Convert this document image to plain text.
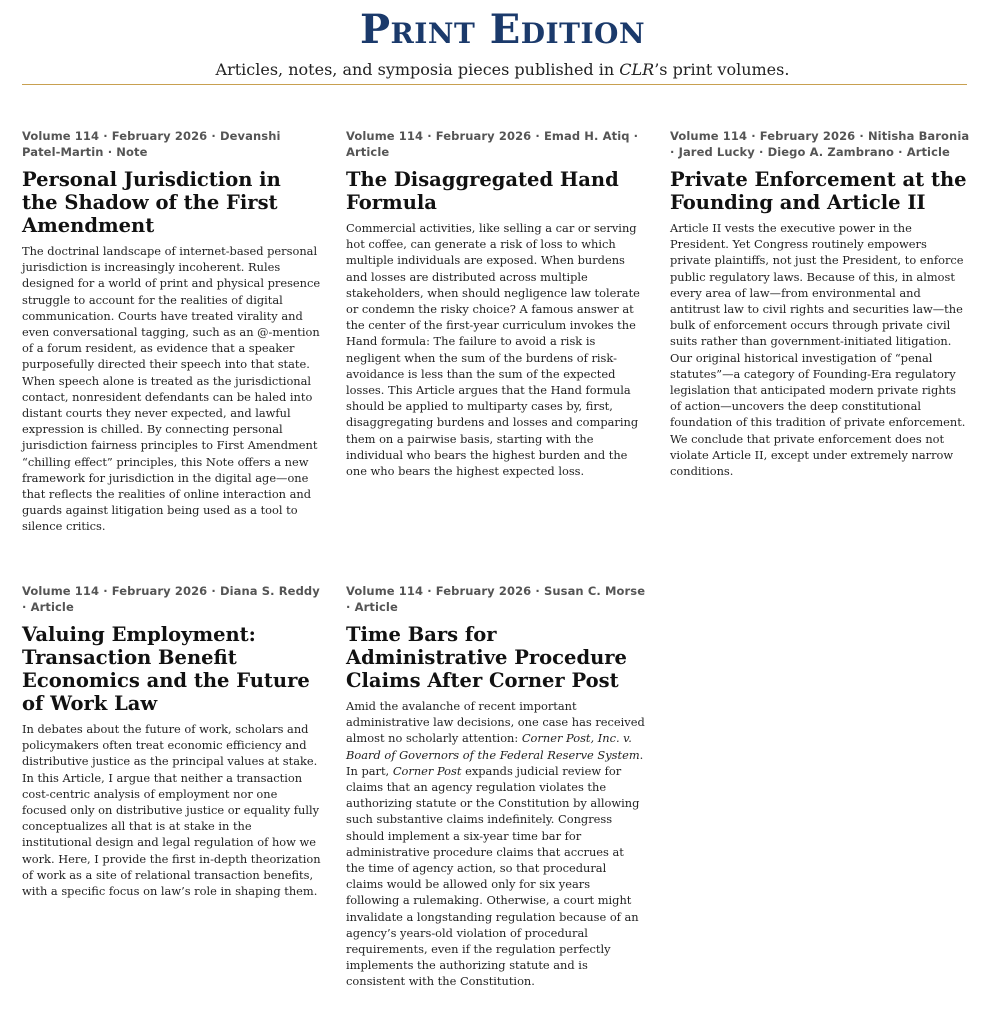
Print Edition
Articles, notes, and symposia pieces published in CLR’s print volumes.
Volume 114 · February 2026 · Devanshi Patel-Martin · Note
Personal Jurisdiction in the Shadow of the First Amendment
The doctrinal landscape of internet-based personal jurisdiction is increasingly incoherent. Rules designed for a world of print and physical presence struggle to account for the realities of digital communication. Courts have treated virality and even conversational tagging, such as an @-mention of a forum resident, as evidence that a speaker purposefully directed their speech into that state. When speech alone is treated as the jurisdictional contact, nonresident defendants can be haled into distant courts they never expected, and lawful expression is chilled. By connecting personal jurisdiction fairness principles to First Amendment “chilling effect” principles, this Note offers a new framework for jurisdiction in the digital age—one that reflects the realities of online interaction and guards against litigation being used as a tool to silence critics.
Volume 114 · February 2026 · Emad H. Atiq · Article
The Disaggregated Hand Formula
Commercial activities, like selling a car or serving hot coffee, can generate a risk of loss to which multiple individuals are exposed. When burdens and losses are distributed across multiple stakeholders, when should negligence law tolerate or condemn the risky choice? A famous answer at the center of the first-year curriculum invokes the Hand formula: The failure to avoid a risk is negligent when the sum of the burdens of risk-avoidance is less than the sum of the expected losses. This Article argues that the Hand formula should be applied to multiparty cases by, first, disaggregating burdens and losses and comparing them on a pairwise basis, starting with the individual who bears the highest burden and the one who bears the highest expected loss.
Volume 114 · February 2026 · Nitisha Baronia · Jared Lucky · Diego A. Zambrano · Article
Private Enforcement at the Founding and Article II
Article II vests the executive power in the President. Yet Congress routinely empowers private plaintiffs, not just the President, to enforce public regulatory laws. Because of this, in almost every area of law—from environmental and antitrust law to civil rights and securities law—the bulk of enforcement occurs through private civil suits rather than government-initiated litigation. Our original historical investigation of “penal statutes”—a category of Founding-Era regulatory legislation that anticipated modern private rights of action—uncovers the deep constitutional foundation of this tradition of private enforcement. We conclude that private enforcement does not violate Article II, except under extremely narrow conditions.
Volume 114 · February 2026 · Diana S. Reddy · Article
Valuing Employment: Transaction Benefit Economics and the Future of Work Law
In debates about the future of work, scholars and policymakers often treat economic efficiency and distributive justice as the principal values at stake. In this Article, I argue that neither a transaction cost-centric analysis of employment nor one focused only on distributive justice or equality fully conceptualizes all that is at stake in the institutional design and legal regulation of how we work. Here, I provide the first in-depth theorization of work as a site of relational transaction benefits, with a specific focus on law’s role in shaping them.
Volume 114 · February 2026 · Susan C. Morse · Article
Time Bars for Administrative Procedure Claims After Corner Post
Amid the avalanche of recent important administrative law decisions, one case has received almost no scholarly attention: Corner Post, Inc. v. Board of Governors of the Federal Reserve System. In part, Corner Post expands judicial review for claims that an agency regulation violates the authorizing statute or the Constitution by allowing such substantive claims indefinitely. Congress should implement a six-year time bar for administrative procedure claims that accrues at the time of agency action, so that procedural claims would be allowed only for six years following a rulemaking. Otherwise, a court might invalidate a longstanding regulation because of an agency’s years-old violation of procedural requirements, even if the regulation perfectly implements the authorizing statute and is consistent with the Constitution.
